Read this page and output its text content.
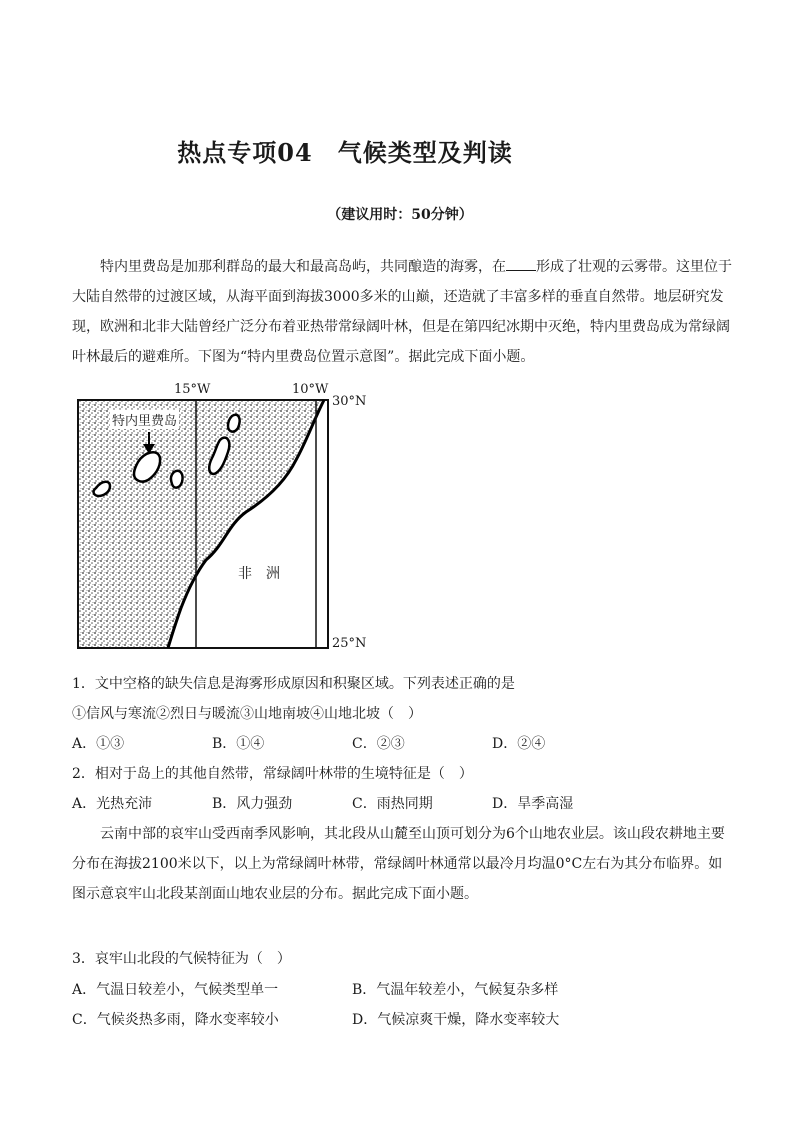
热点专项04　气候类型及判读
（建议用时：50分钟）

特内里费岛是加那利群岛的最大和最高岛屿，共同酿造的海雾，在 形成了壮观的云雾带。这里位于大陆自然带的过渡区域，从海平面到海拔3000多米的山巅，还造就了丰富多样的垂直自然带。地层研究发现，欧洲和北非大陆曾经广泛分布着亚热带常绿阔叶林，但是在第四纪冰期中灭绝，特内里费岛成为常绿阔叶林最后的避难所。下图为“特内里费岛位置示意图”。据此完成下面小题。

15°W	10°W
30°N
25°N
特内里费岛
非　洲
1．文中空格的缺失信息是海雾形成原因和积聚区域。下列表述正确的是
①信风与寒流②烈日与暖流③山地南坡④山地北坡（　）
A．①③	B．①④	C．②③	D．②④
2．相对于岛上的其他自然带，常绿阔叶林带的生境特征是（　）
A．光热充沛	B．风力强劲	C．雨热同期	D．旱季高湿

云南中部的哀牢山受西南季风影响，其北段从山麓至山顶可划分为6个山地农业层。该山段农耕地主要分布在海拔2100米以下，以上为常绿阔叶林带，常绿阔叶林通常以最冷月均温0°C左右为其分布临界。如图示意哀牢山北段某剖面山地农业层的分布。据此完成下面小题。

3．哀牢山北段的气候特征为（　）
A．气温日较差小，气候类型单一	B．气温年较差小，气候复杂多样
C．气候炎热多雨，降水变率较小	D．气候凉爽干燥，降水变率较大
